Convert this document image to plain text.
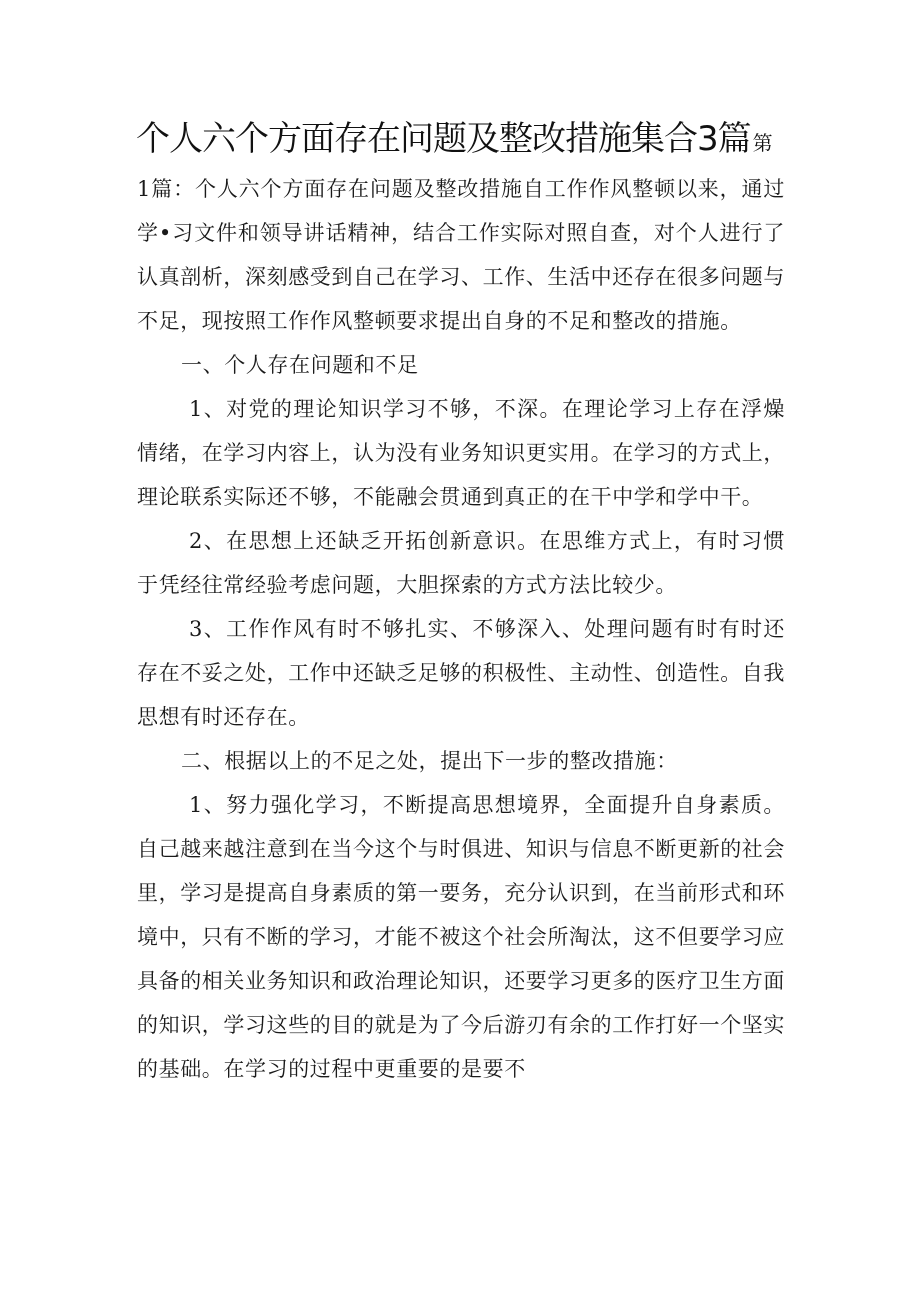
个人六个方面存在问题及整改措施集合3篇 第

1篇：个人六个方面存在问题及整改措施自工作作风整顿以来，通过学•习文件和领导讲话精神，结合工作实际对照自查，对个人进行了认真剖析，深刻感受到自己在学习、工作、生活中还存在很多问题与不足，现按照工作作风整顿要求提出自身的不足和整改的措施。

一、个人存在问题和不足

1、对党的理论知识学习不够，不深。在理论学习上存在浮燥情绪，在学习内容上，认为没有业务知识更实用。在学习的方式上，理论联系实际还不够，不能融会贯通到真正的在干中学和学中干。

2、在思想上还缺乏开拓创新意识。在思维方式上，有时习惯于凭经往常经验考虑问题，大胆探索的方式方法比较少。

3、工作作风有时不够扎实、不够深入、处理问题有时有时还存在不妥之处，工作中还缺乏足够的积极性、主动性、创造性。自我思想有时还存在。

二、根据以上的不足之处，提出下一步的整改措施：

1、努力强化学习，不断提高思想境界，全面提升自身素质。自己越来越注意到在当今这个与时俱进、知识与信息不断更新的社会里，学习是提高自身素质的第一要务，充分认识到，在当前形式和环境中，只有不断的学习，才能不被这个社会所淘汰，这不但要学习应具备的相关业务知识和政治理论知识，还要学习更多的医疗卫生方面的知识，学习这些的目的就是为了今后游刃有余的工作打好一个坚实的基础。在学习的过程中更重要的是要不
